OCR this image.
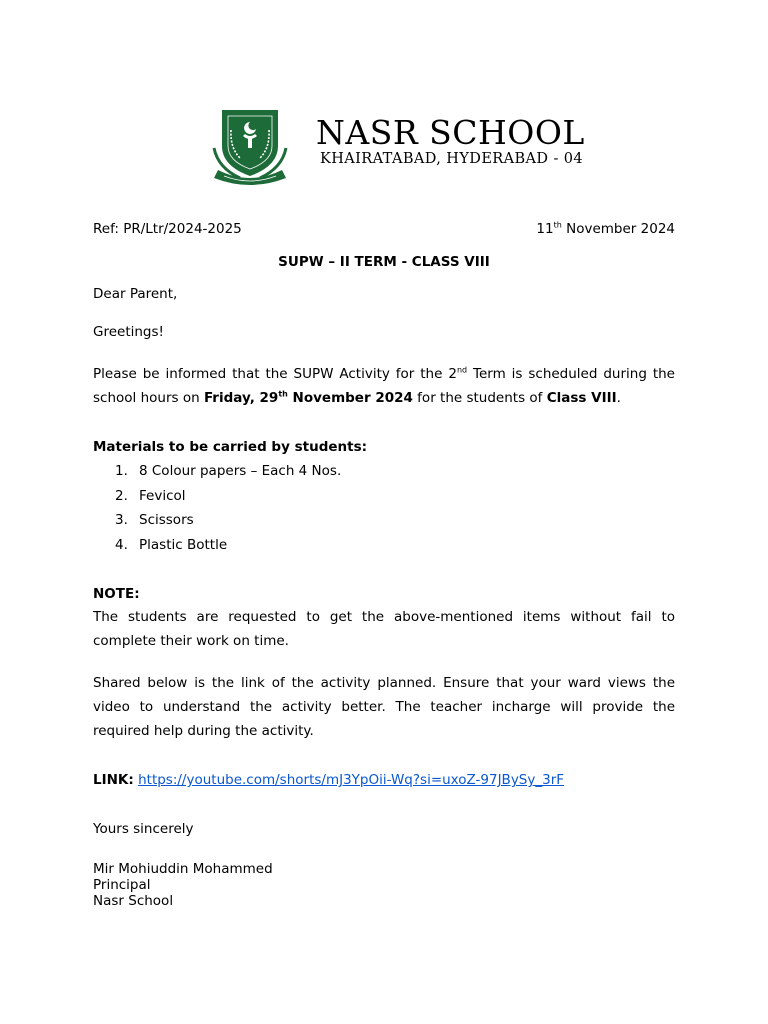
NASR SCHOOL
KHAIRATABAD, HYDERABAD - 04
Ref: PR/Ltr/2024-2025	11th November 2024
SUPW – II TERM - CLASS VIII
Dear Parent,
Greetings!

Please be informed that the SUPW Activity for the 2nd Term is scheduled during the school hours on Friday, 29th November 2024 for the students of Class VIII.

Materials to be carried by students:
1. 8 Colour papers – Each 4 Nos.
2. Fevicol
3. Scissors
4. Plastic Bottle
NOTE:

The students are requested to get the above-mentioned items without fail to complete their work on time.

Shared below is the link of the activity planned. Ensure that your ward views the video to understand the activity better. The teacher incharge will provide the required help during the activity.

LINK: https://youtube.com/shorts/mJ3YpOii-Wq?si=uxoZ-97JBySy_3rF
Yours sincerely
Mir Mohiuddin Mohammed
Principal
Nasr School
